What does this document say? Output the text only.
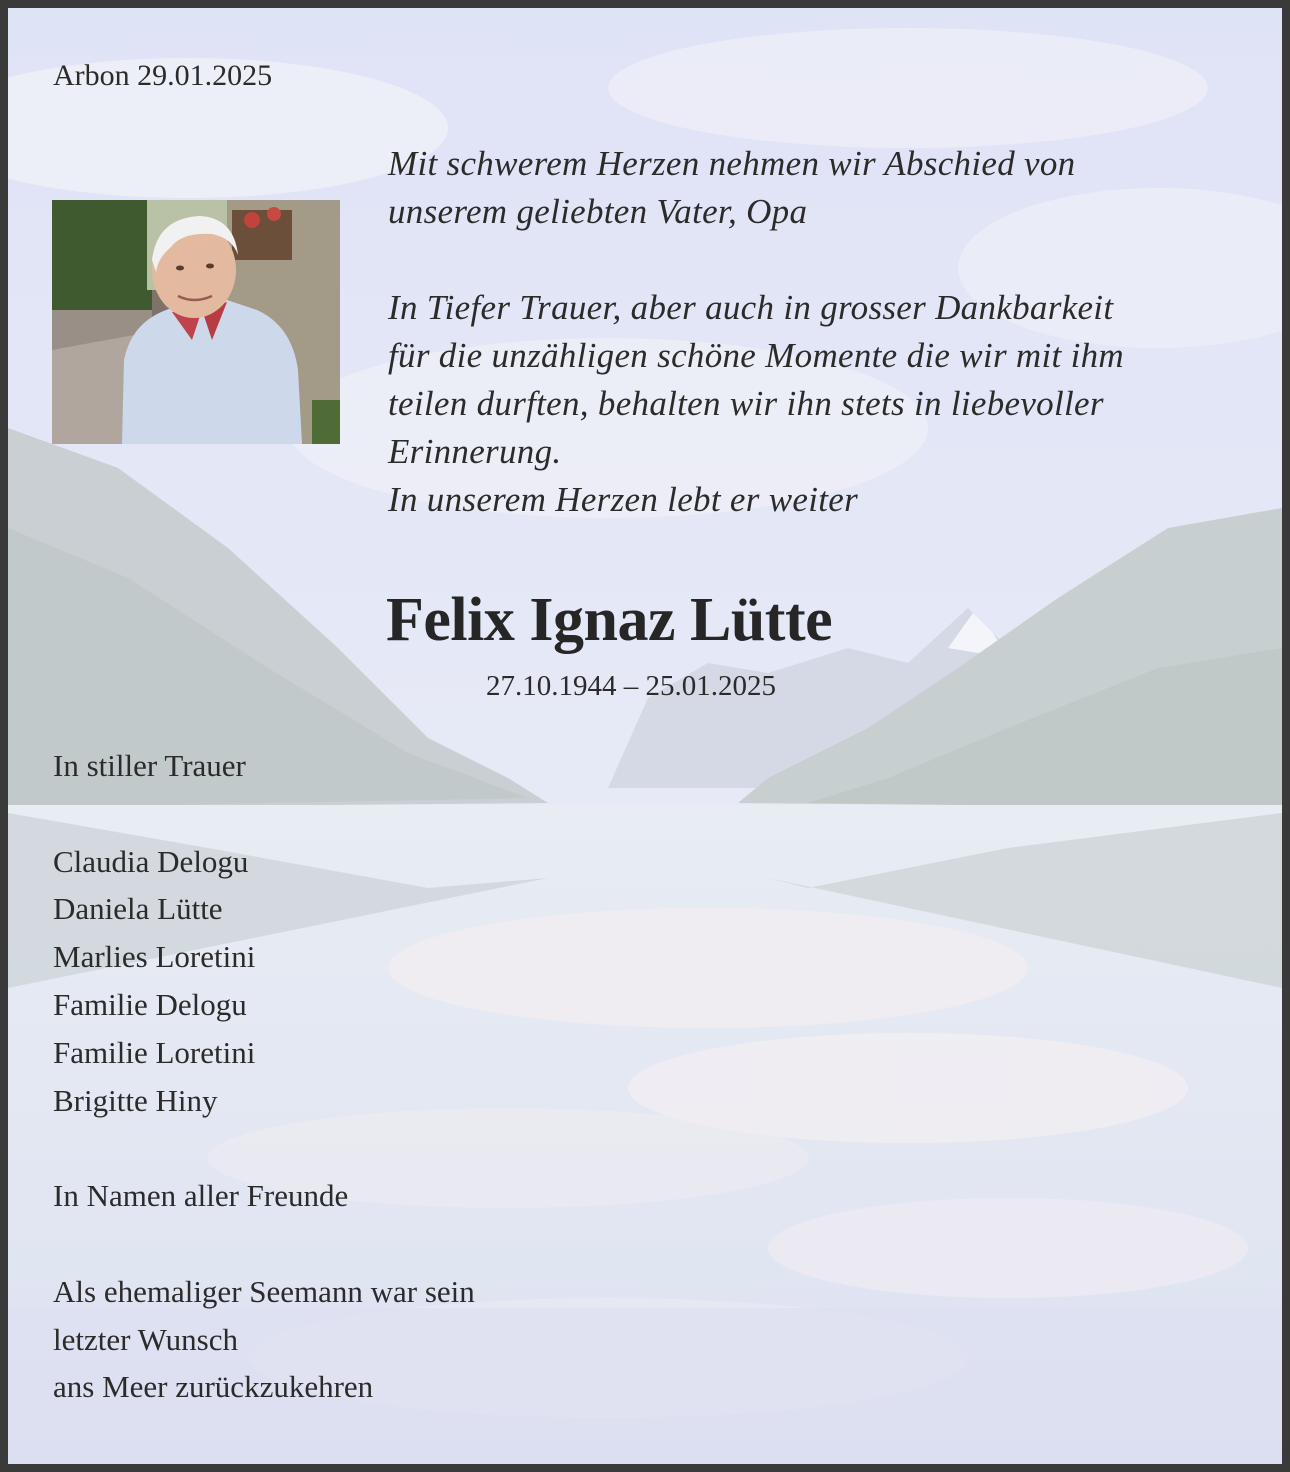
Arbon 29.01.2025
Mit schwerem Herzen nehmen wir Abschied von
unserem geliebten Vater, Opa
In Tiefer Trauer, aber auch in grosser Dankbarkeit
für die unzähligen schöne Momente die wir mit ihm
teilen durften, behalten wir ihn stets in liebevoller
Erinnerung.
In unserem Herzen lebt er weiter
Felix Ignaz Lütte
27.10.1944 – 25.01.2025
In stiller Trauer
Claudia Delogu
Daniela Lütte
Marlies Loretini
Familie Delogu
Familie Loretini
Brigitte Hiny
In Namen aller Freunde
Als ehemaliger Seemann war sein
letzter Wunsch
ans Meer zurückzukehren
